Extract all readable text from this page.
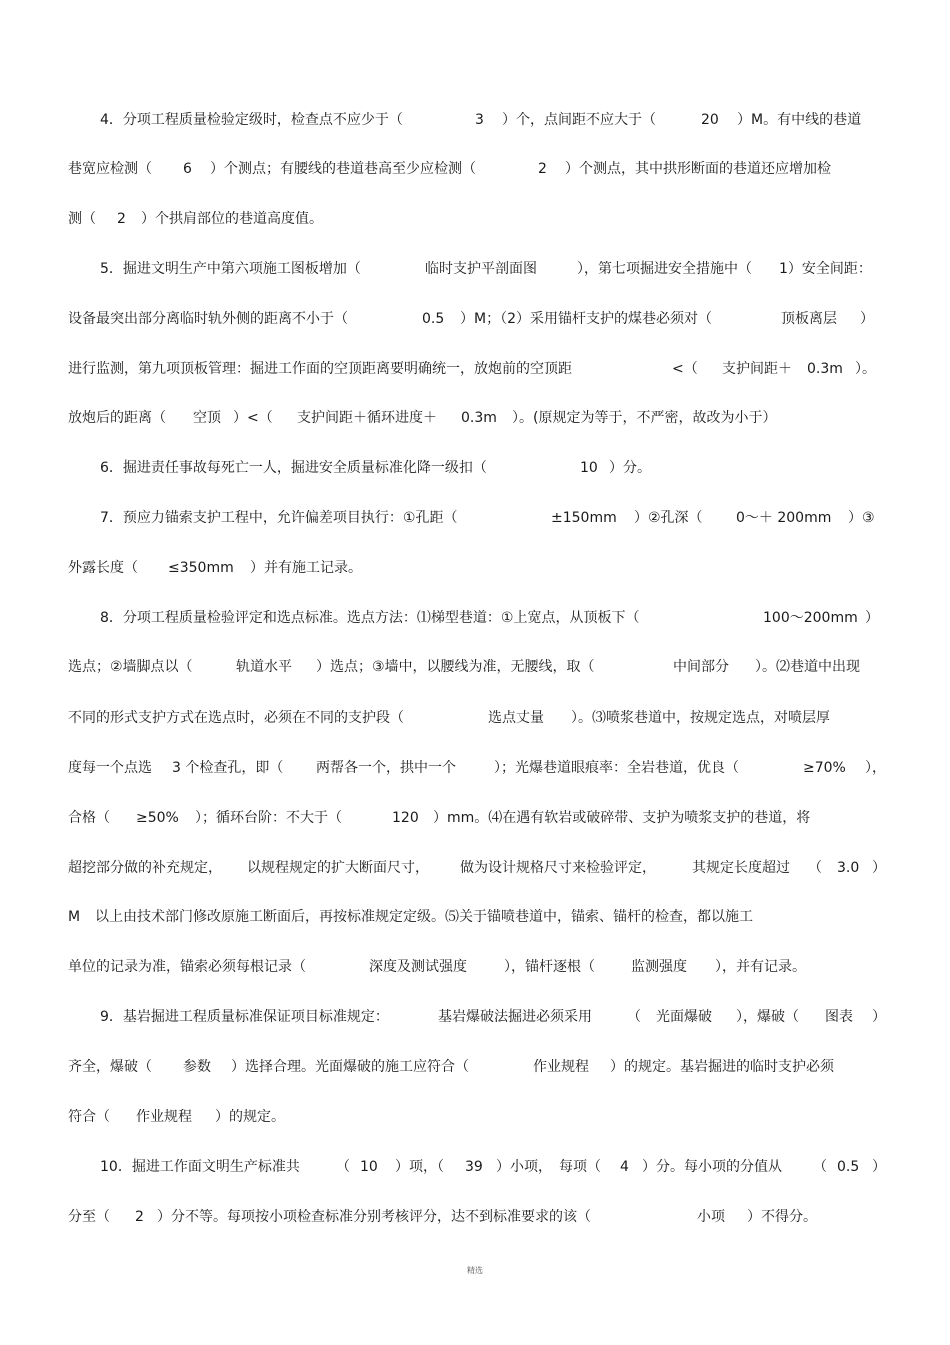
4．分项工程质量检验定级时，检查点不应少于（	3 ）个，点间距不应大于（	20 ）M。有中线的巷道
巷宽应检测（ 6 ）个测点；有腰线的巷道巷高至少应检测（	2 ）个测点，其中拱形断面的巷道还应增加检
测（ 2 ）个拱肩部位的巷道高度值。
5．掘进文明生产中第六项施工图板增加（	临时支护平剖面图	），第七项掘进安全措施中（ 1）安全间距：
设备最突出部分离临时轨外侧的距离不小于（	0.5 ）M；（2）采用锚杆支护的煤巷必须对（	顶板离层 ）
进行监测，第九项顶板管理：掘进工作面的空顶距离要明确统一，放炮前的空顶距	<（ 支护间距＋ 0.3m ）。
放炮后的距离（ 空顶 ）<（ 支护间距＋循环进度＋ 0.3m ）。(原规定为等于，不严密，故改为小于）
6．掘进责任事故每死亡一人，掘进安全质量标准化降一级扣（	10 ）分。
7．预应力锚索支护工程中，允许偏差项目执行：①孔距（	±150mm ）②孔深（ 0～＋ 200mm ）③
外露长度（ ≤350mm ）并有施工记录。
8．分项工程质量检验评定和选点标准。选点方法：⑴梯型巷道：①上宽点，从顶板下（	100～200mm ）
选点；②墙脚点以（	轨道水平 ）选点；③墙中，以腰线为准，无腰线，取（	中间部分 ）。⑵巷道中出现
不同的形式支护方式在选点时，必须在不同的支护段（	选点丈量 ）。⑶喷浆巷道中，按规定选点，对喷层厚
度每一个点选 3 个检查孔，即（ 两帮各一个，拱中一个	）；光爆巷道眼痕率：全岩巷道，优良（	≥70% ），
合格（ ≥50% ）；循环台阶：不大于（	120 ）mm。⑷在遇有软岩或破碎带、支护为喷浆支护的巷道，将
超挖部分做的补充规定， 以规程规定的扩大断面尺寸， 做为设计规格尺寸来检验评定，	其规定长度超过 （ 3.0 ）
M 以上由技术部门修改原施工断面后，再按标准规定定级。⑸关于锚喷巷道中，锚索、锚杆的检查，都以施工
单位的记录为准，锚索必须每根记录（	深度及测试强度	），锚杆逐根（	监测强度 ），并有记录。
9．基岩掘进工程质量标准保证项目标准规定：	基岩爆破法掘进必须采用	（ 光面爆破 ），爆破（ 图表 ）
齐全，爆破（ 参数 ）选择合理。光面爆破的施工应符合（	作业规程 ）的规定。基岩掘进的临时支护必须
符合（ 作业规程 ）的规定。
10．掘进工作面文明生产标准共	（ 10 ）项，（ 39 ）小项， 每项（ 4 ）分。每小项的分值从 （ 0.5 ）
分至（ 2 ）分不等。每项按小项检查标准分别考核评分，达不到标准要求的该（	小项 ）不得分。
精选
